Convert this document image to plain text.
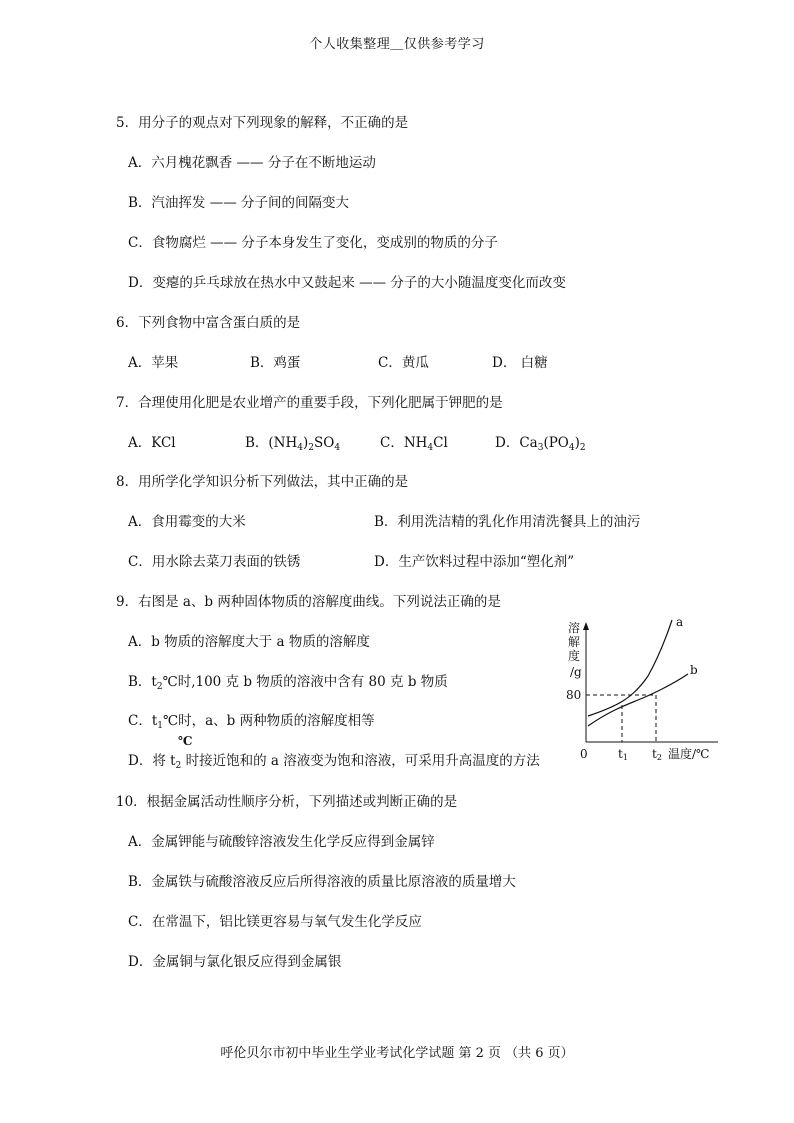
个人收集整理＿仅供参考学习
5．用分子的观点对下列现象的解释，不正确的是
A．六月槐花飘香 —— 分子在不断地运动
B．汽油挥发 —— 分子间的间隔变大
C．食物腐烂 —— 分子本身发生了变化，变成别的物质的分子
D．变瘪的乒乓球放在热水中又鼓起来 —— 分子的大小随温度变化而改变
6．下列食物中富含蛋白质的是
A．苹果	B．鸡蛋	C．黄瓜	D． 白糖
7．合理使用化肥是农业增产的重要手段，下列化肥属于钾肥的是
A．KCl	B．$(NH_4)_2SO_4$	C．$NH_4Cl$	D．$Ca_3(PO_4)_2$
8．用所学化学知识分析下列做法，其中正确的是
A．食用霉变的大米	B．利用洗洁精的乳化作用清洗餐具上的油污
C．用水除去菜刀表面的铁锈	D．生产饮料过程中添加“塑化剂”
9．右图是 a、b 两种固体物质的溶解度曲线。下列说法正确的是
A．b 物质的溶解度大于 a 物质的溶解度
B．$t_2℃$时,100 克 b 物质的溶液中含有 80 克 b 物质
C．$t_1℃$时，a、b 两种物质的溶解度相等
℃
D．将 $t_2$ 时接近饱和的 a 溶液变为饱和溶液，可采用升高温度的方法
溶
解
度
/g
a
b
80
0	t1 t2 温度/℃
10．根据金属活动性顺序分析，下列描述或判断正确的是
A．金属钾能与硫酸锌溶液发生化学反应得到金属锌
B．金属铁与硫酸溶液反应后所得溶液的质量比原溶液的质量增大
C．在常温下，铝比镁更容易与氧气发生化学反应
D．金属铜与氯化银反应得到金属银
呼伦贝尔市初中毕业生学业考试化学试题 第 2 页 （共 6 页）
